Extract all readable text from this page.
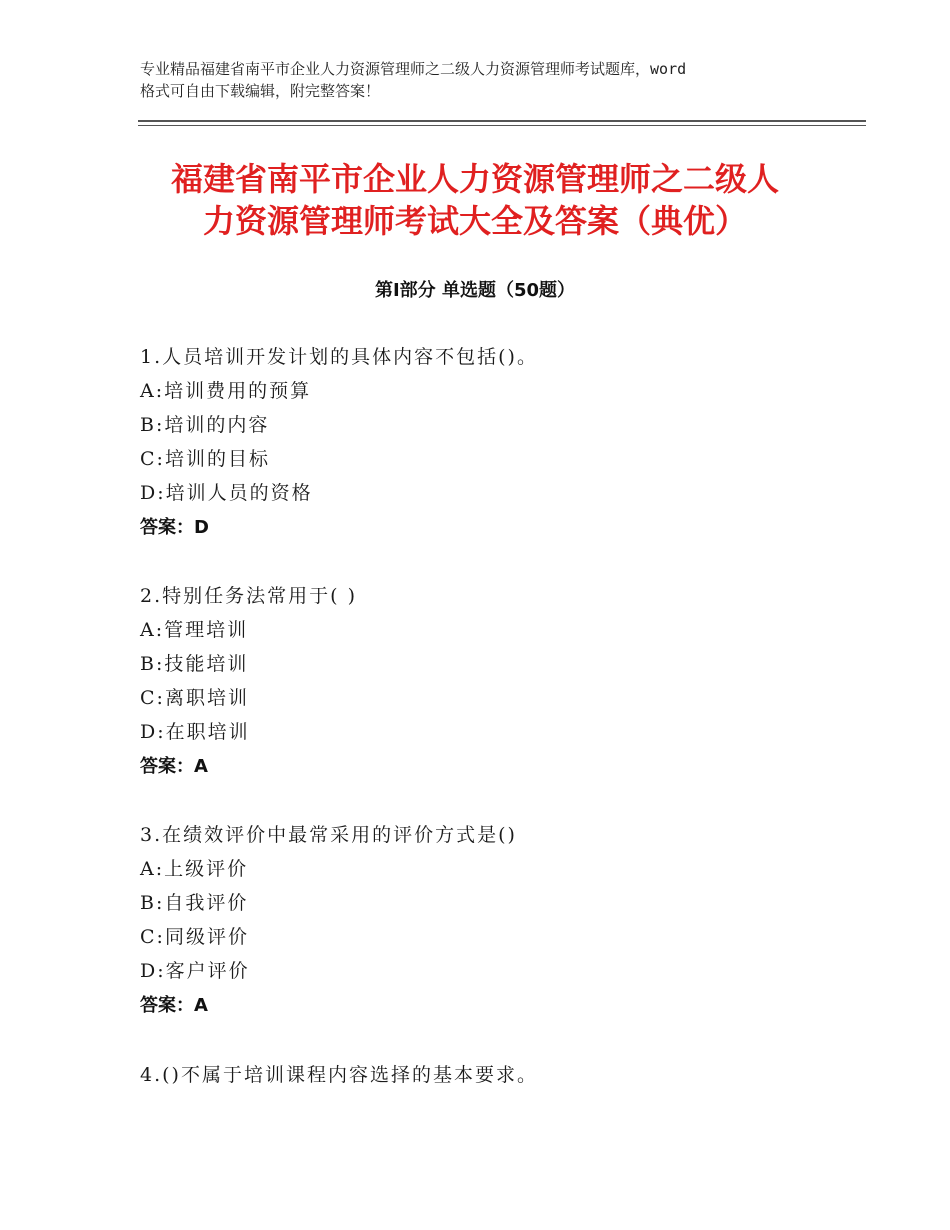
专业精品福建省南平市企业人力资源管理师之二级人力资源管理师考试题库，word
格式可自由下载编辑，附完整答案！
福建省南平市企业人力资源管理师之二级人
力资源管理师考试大全及答案（典优）
第Ⅰ部分 单选题（50题）
1.人员培训开发计划的具体内容不包括()。
A:培训费用的预算
B:培训的内容
C:培训的目标
D:培训人员的资格
答案：D
2.特别任务法常用于( )
A:管理培训
B:技能培训
C:离职培训
D:在职培训
答案：A
3.在绩效评价中最常采用的评价方式是()
A:上级评价
B:自我评价
C:同级评价
D:客户评价
答案：A
4.()不属于培训课程内容选择的基本要求。
